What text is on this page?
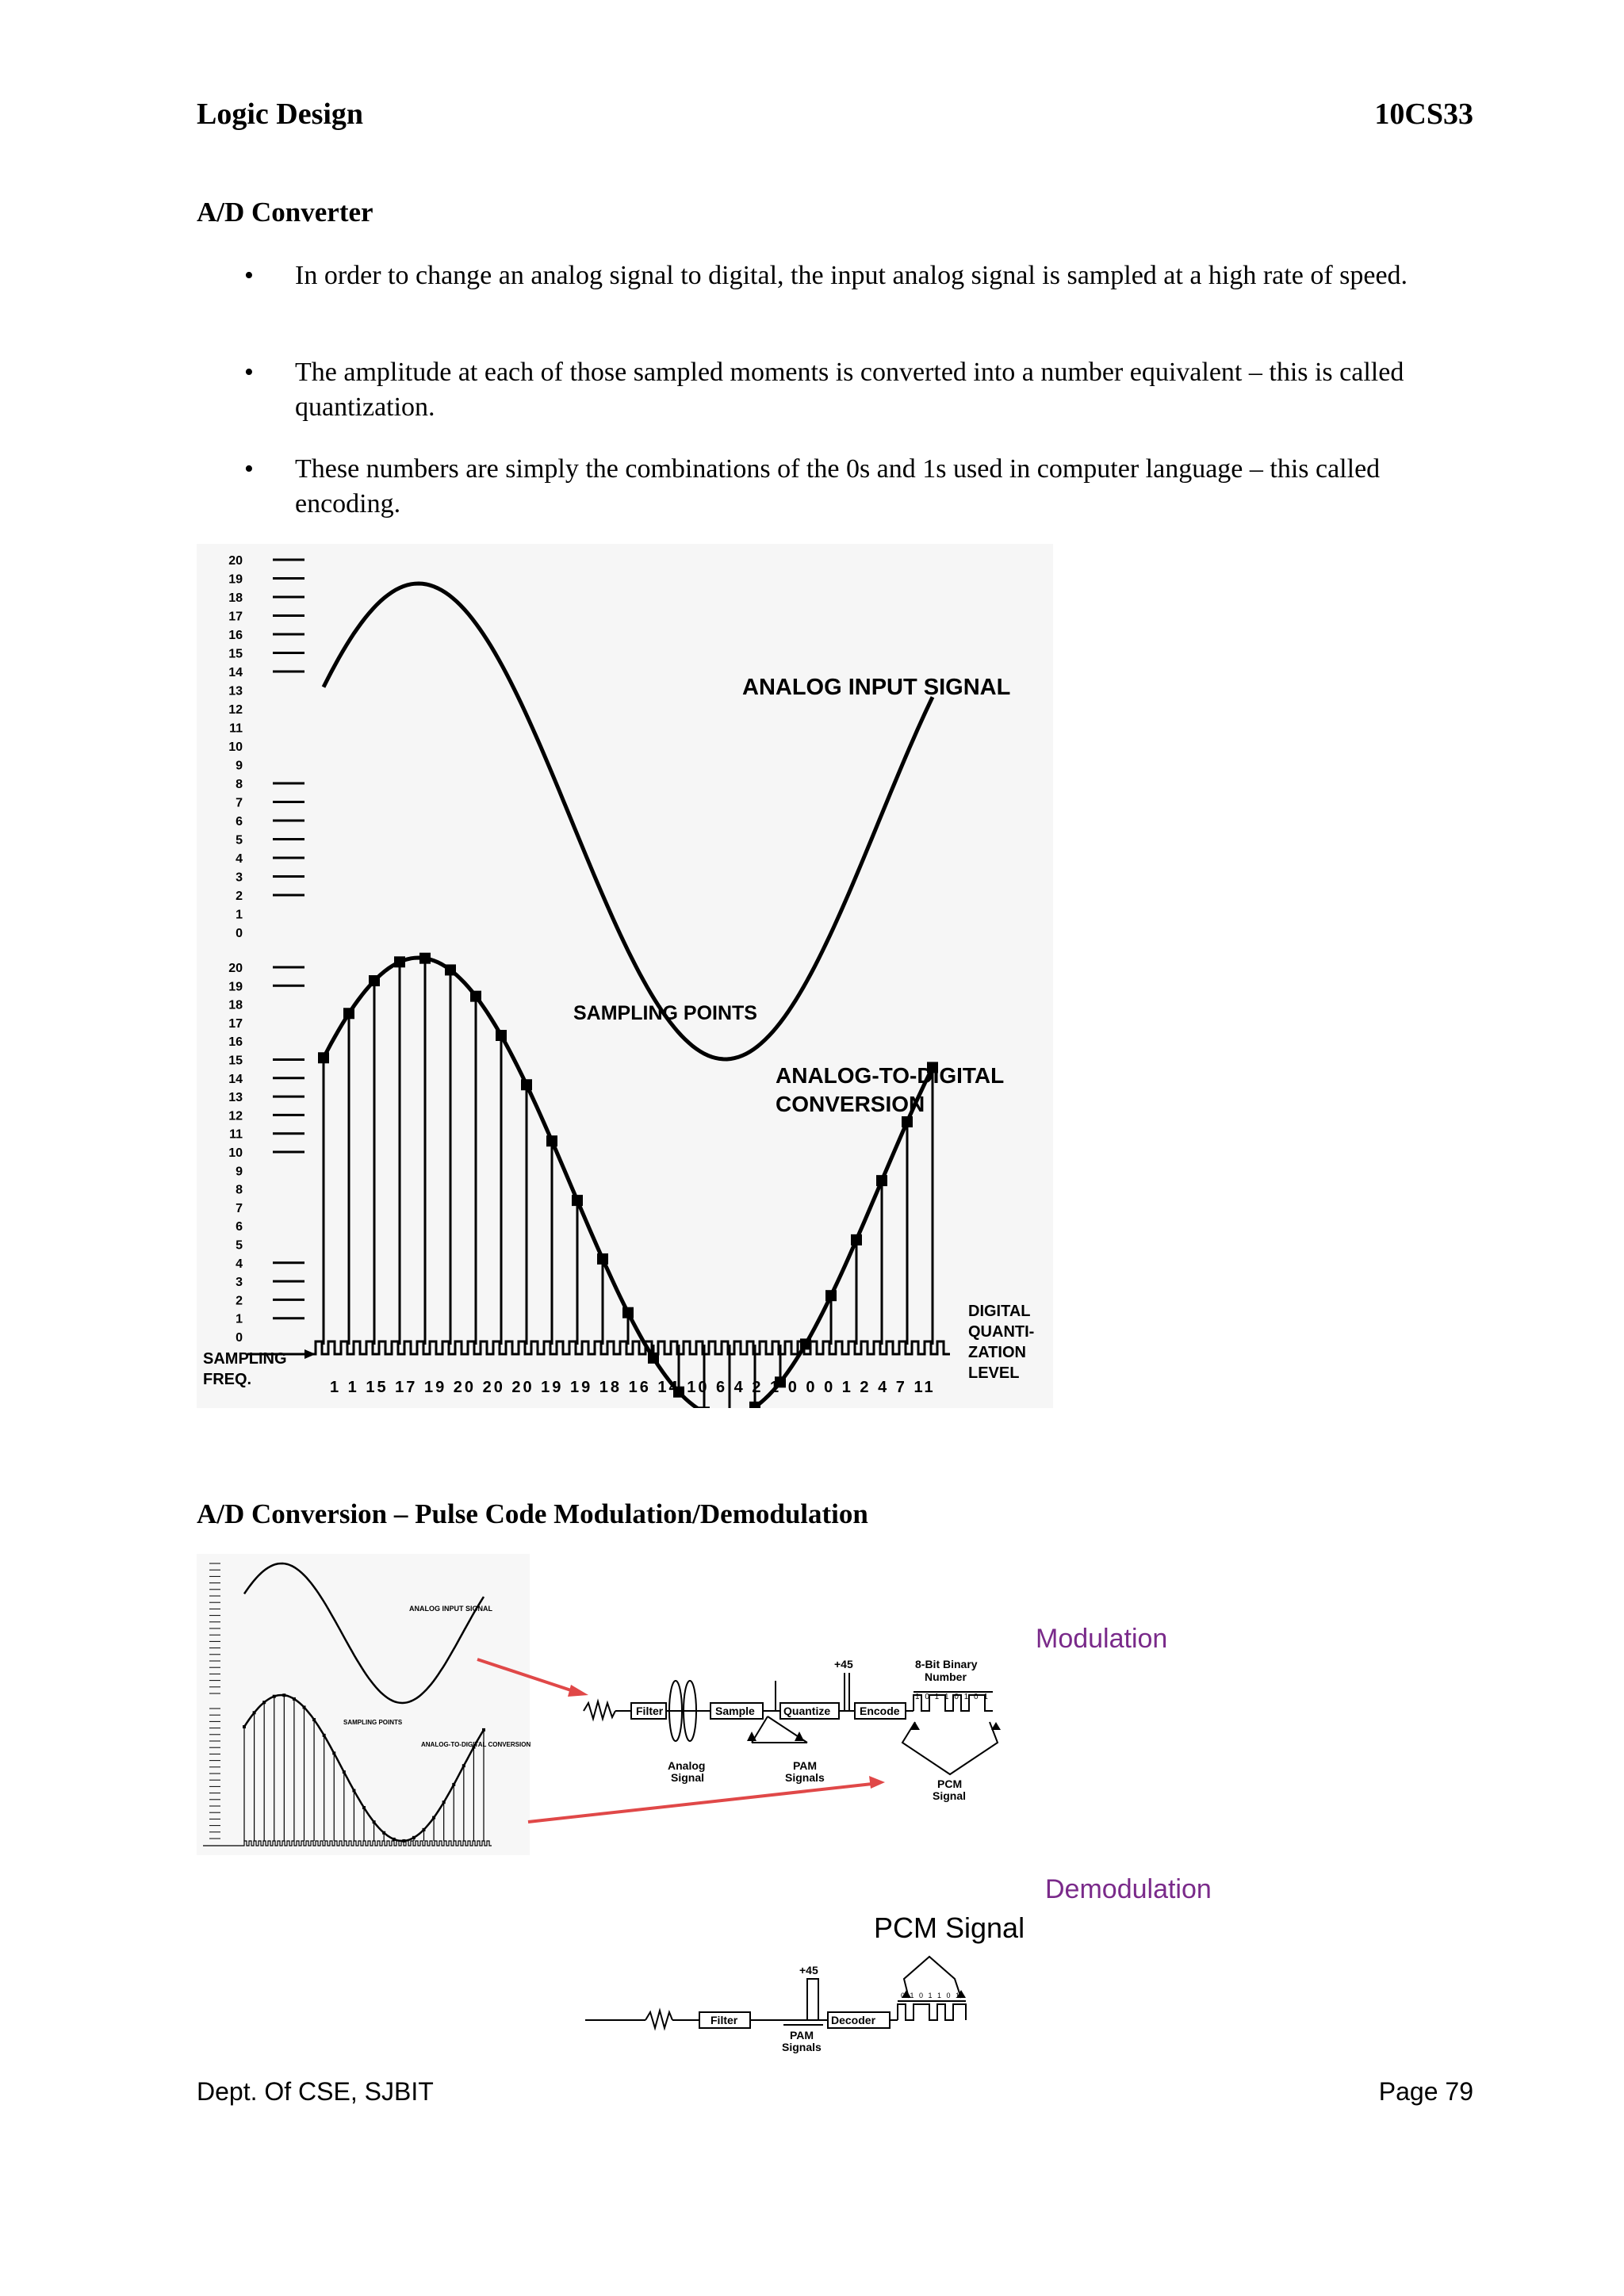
Logic Design	10CS33
A/D Converter
• In order to change an analog signal to digital, the input analog signal is sampled at a high rate of speed.
• The amplitude at each of those sampled moments is converted into a number equivalent – this is called quantization.
• These numbers are simply the combinations of the 0s and 1s used in computer language – this called encoding.
20
19
18
17
16
15
14
13
12
11
10
9
8
7
6
5
4
3
2
1
0
ANALOG INPUT SIGNAL
20
19
18
17
16
15
14
13
12
11
10
9
8
7
6
5
4
3
2
1
0
SAMPLING POINTS
ANALOG-TO-DIGITAL
CONVERSION
DIGITAL
QUANTI-
ZATION
LEVEL
SAMPLING
FREQ.	1 1 15 17 19 20 20 20 19 19 18 16 14 10 6 4 2 1 0 0 0 1 2 4 7 11
A/D Conversion – Pulse Code Modulation/Demodulation
ANALOG INPUT SIGNAL
SAMPLING POINTS
ANALOG-TO-DIGITAL CONVERSION
Modulation
Filter	Sample	Quantize	Encode
+45	8-Bit Binary
Number
1 0 1 1 0 1 0 1
Analog
Signal
PAM
Signals	PCM
Signal
Demodulation
PCM Signal
Filter	Decoder
+45
PAM
Signals
0 1 0 1 1 0 1
Dept. Of CSE, SJBIT	Page 79
